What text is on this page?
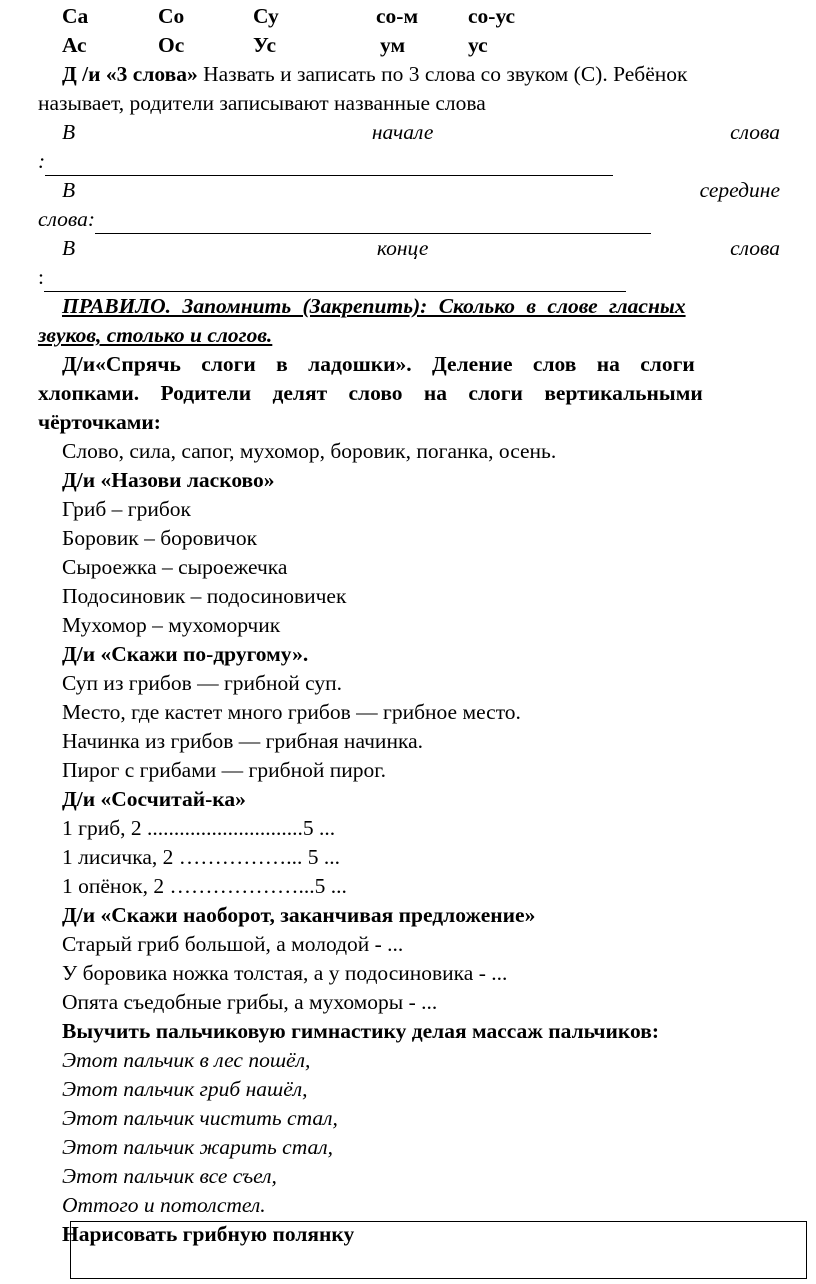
Са	Со	Су	со-м со-ус
Ас	Ос	Ус	ум	ус
Д /и «3 слова» Назвать и записать по 3 слова со звуком (С). Ребёнок
называет, родители записывают названные слова
В	начале	слова
:
В	середине
слова:
В	конце	слова
:
ПРАВИЛО. Запомнить (Закрепить): Сколько в слове гласных
звуков, столько и слогов.
Д/и«Спрячь слоги в ладошки». Деление слов на слоги
хлопками. Родители делят слово на слоги вертикальными
чёрточками:
Слово, сила, сапог, мухомор, боровик, поганка, осень.
Д/и «Назови ласково»
Гриб – грибок
Боровик – боровичок
Сыроежка – сыроежечка
Подосиновик – подосиновичек
Мухомор – мухоморчик
Д/и «Скажи по-другому».
Суп из грибов — грибной суп.
Место, где кастет много грибов — грибное место.
Начинка из грибов — грибная начинка.
Пирог с грибами — грибной пирог.
Д/и «Сосчитай-ка»
1 гриб, 2 .............................5 ...
1 лисичка, 2 ……………... 5 ...
1 опёнок, 2 ………………...5 ...
Д/и «Скажи наоборот, заканчивая предложение»
Старый гриб большой, а молодой - ...
У боровика ножка толстая, а у подосиновика - ...
Опята съедобные грибы, а мухоморы - ...
Выучить пальчиковую гимнастику делая массаж пальчиков:
Этот пальчик в лес пошёл,
Этот пальчик гриб нашёл,
Этот пальчик чистить стал,
Этот пальчик жарить стал,
Этот пальчик все съел,
Оттого и потолстел.
Нарисовать грибную полянку
